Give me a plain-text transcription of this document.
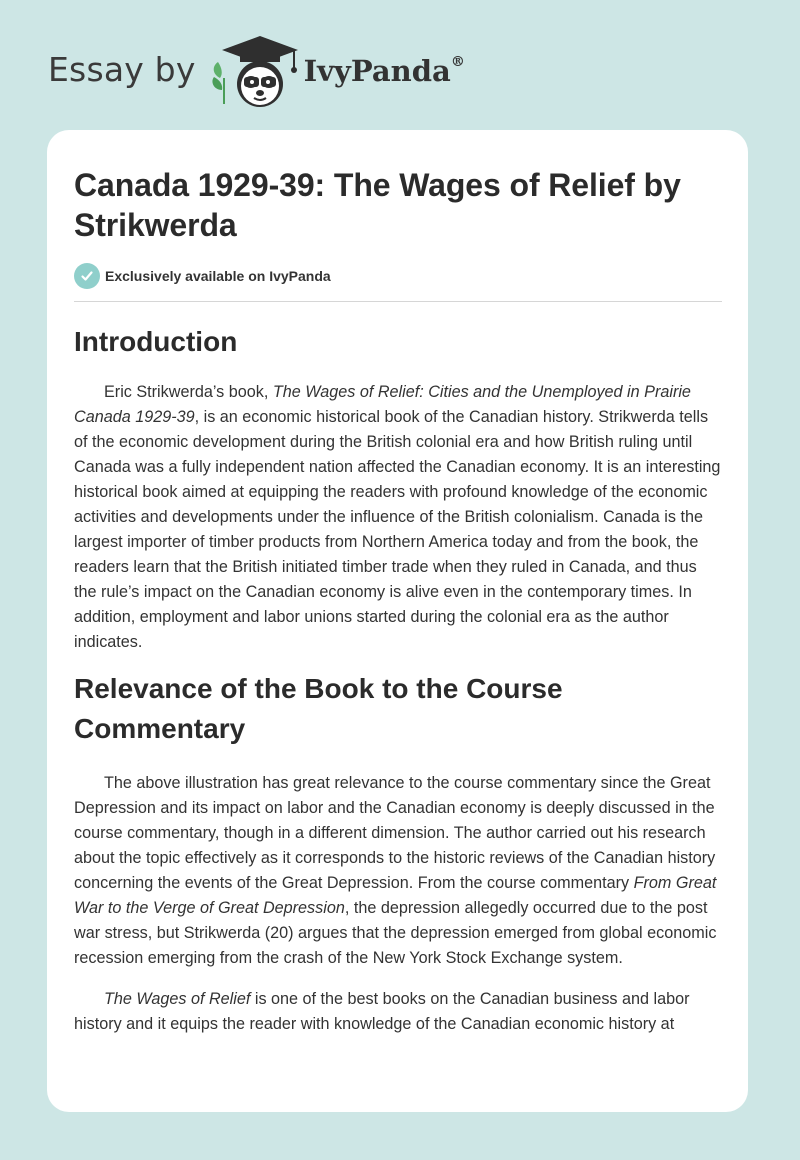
Essay by	IvyPanda®
Canada 1929-39: The Wages of Relief by Strikwerda
Exclusively available on IvyPanda
Introduction

Eric Strikwerda’s book, The Wages of Relief: Cities and the Unemployed in Prairie Canada 1929-39, is an economic historical book of the Canadian history. Strikwerda tells of the economic development during the British colonial era and how British ruling until Canada was a fully independent nation affected the Canadian economy. It is an interesting historical book aimed at equipping the readers with profound knowledge of the economic activities and developments under the influence of the British colonialism. Canada is the largest importer of timber products from Northern America today and from the book, the readers learn that the British initiated timber trade when they ruled in Canada, and thus the rule’s impact on the Canadian economy is alive even in the contemporary times. In addition, employment and labor unions started during the colonial era as the author indicates.

Relevance of the Book to the Course Commentary

The above illustration has great relevance to the course commentary since the Great Depression and its impact on labor and the Canadian economy is deeply discussed in the course commentary, though in a different dimension. The author carried out his research about the topic effectively as it corresponds to the historic reviews of the Canadian history concerning the events of the Great Depression. From the course commentary From Great War to the Verge of Great Depression, the depression allegedly occurred due to the post war stress, but Strikwerda (20) argues that the depression emerged from global economic recession emerging from the crash of the New York Stock Exchange system.

The Wages of Relief is one of the best books on the Canadian business and labor history and it equips the reader with knowledge of the Canadian economic history at
